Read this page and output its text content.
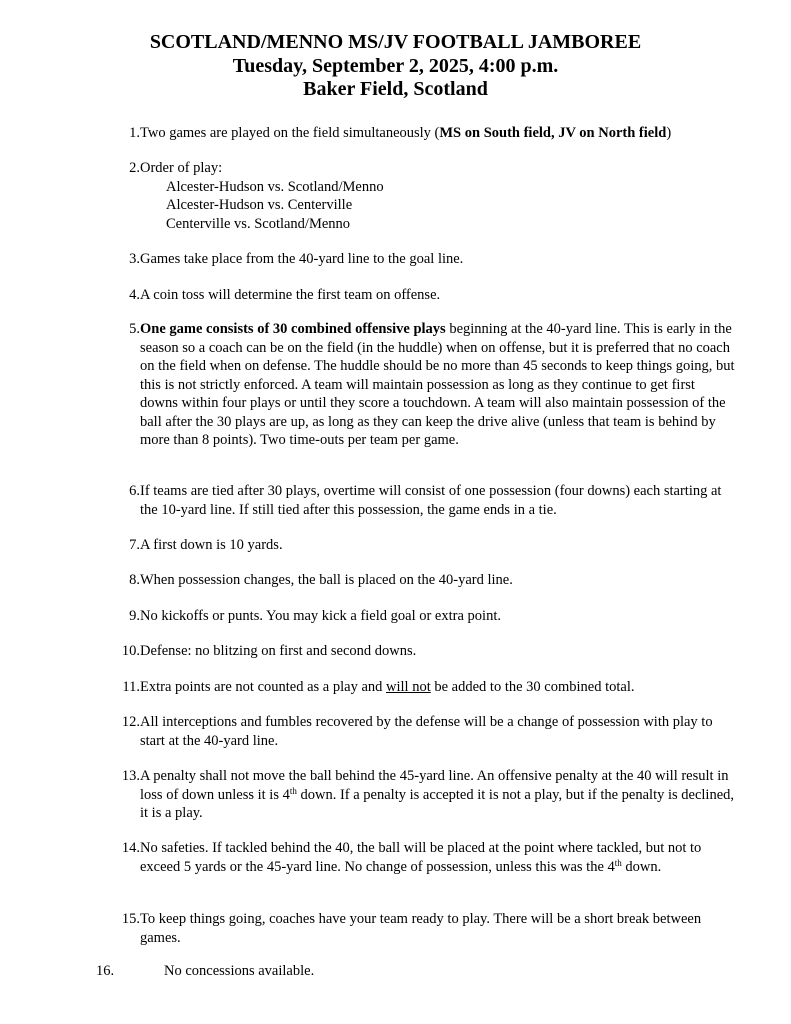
SCOTLAND/MENNO MS/JV FOOTBALL JAMBOREE
Tuesday, September 2, 2025, 4:00 p.m.
Baker Field, Scotland
1. Two games are played on the field simultaneously (MS on South field, JV on North field)
2. Order of play:
Alcester-Hudson vs. Scotland/Menno
Alcester-Hudson vs. Centerville
Centerville vs. Scotland/Menno
3. Games take place from the 40-yard line to the goal line.
4. A coin toss will determine the first team on offense.
5. One game consists of 30 combined offensive plays beginning at the 40-yard line. This is early in the season so a coach can be on the field (in the huddle) when on offense, but it is preferred that no coach on the field when on defense. The huddle should be no more than 45 seconds to keep things going, but this is not strictly enforced. A team will maintain possession as long as they continue to get first downs within four plays or until they score a touchdown. A team will also maintain possession of the ball after the 30 plays are up, as long as they can keep the drive alive (unless that team is behind by more than 8 points). Two time-outs per team per game.
6. If teams are tied after 30 plays, overtime will consist of one possession (four downs) each starting at the 10-yard line. If still tied after this possession, the game ends in a tie.
7. A first down is 10 yards.
8. When possession changes, the ball is placed on the 40-yard line.
9. No kickoffs or punts. You may kick a field goal or extra point.
10. Defense: no blitzing on first and second downs.
11. Extra points are not counted as a play and will not be added to the 30 combined total.
12. All interceptions and fumbles recovered by the defense will be a change of possession with play to start at the 40-yard line.
13. A penalty shall not move the ball behind the 45-yard line. An offensive penalty at the 40 will result in loss of down unless it is 4th down. If a penalty is accepted it is not a play, but if the penalty is declined, it is a play.
14. No safeties. If tackled behind the 40, the ball will be placed at the point where tackled, but not to exceed 5 yards or the 45-yard line. No change of possession, unless this was the 4th down.
15. To keep things going, coaches have your team ready to play. There will be a short break between games.
16.	No concessions available.
